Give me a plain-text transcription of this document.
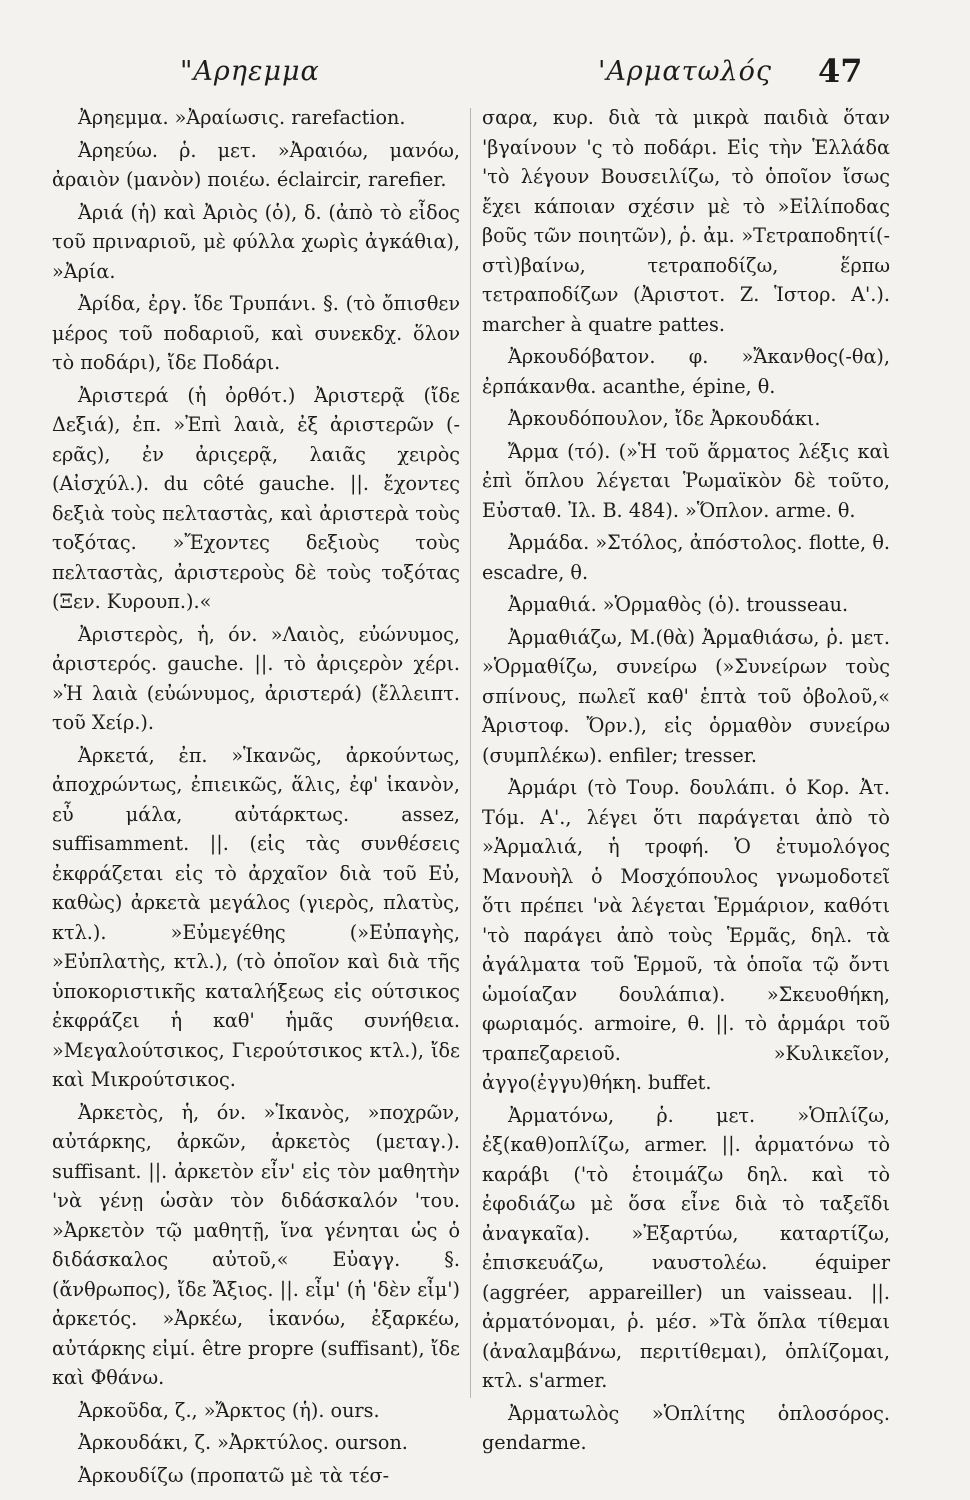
"Αρηεμμα	'Αρματωλός 47

Ἀρηεμμα. »Ἀραίωσις. rarefaction.

Ἀρηεύω. ῥ. μετ. »Ἀραιόω, μανόω, ἀραιὸν (μανὸν) ποιέω. éclaircir, rarefier.

Ἀριά (ἡ) καὶ Ἀριὸς (ὁ), δ. (ἀπὸ τὸ εἶδος τοῦ πριναριοῦ, μὲ φύλλα χωρὶς ἀγκάθια), »Ἀρία.

Ἀρίδα, ἐργ. ἴδε Τρυπάνι. §. (τὸ ὄπισθεν μέρος τοῦ ποδαριοῦ, καὶ συνεκδχ. ὅλον τὸ ποδάρι), ἴδε Ποδάρι.

Ἀριστερά (ἡ ὀρθότ.) Ἀριστερᾷ (ἴδε Δεξιά), ἐπ. »Ἐπὶ λαιὰ, ἐξ ἀριστερῶν (-ερᾶς), ἐν ἀριςερᾷ, λαιᾶς χειρὸς (Αἰσχύλ.). du côté gauche. ||. ἔχοντες δεξιὰ τοὺς πελταστὰς, καὶ ἀριστερὰ τοὺς τοξότας. »Ἔχοντες δεξιοὺς τοὺς πελταστὰς, ἀριστεροὺς δὲ τοὺς τοξότας (Ξεν. Κυρουπ.).«

Ἀριστερὸς, ἡ, όν. »Λαιὸς, εὐώνυμος, ἀριστερός. gauche. ||. τὸ ἀριςερὸν χέρι. »Ἡ λαιὰ (εὐώνυμος, ἀριστερά) (ἔλλειπτ. τοῦ Χείρ.).

Ἀρκετά, ἐπ. »Ἱκανῶς, ἀρκούντως, ἀποχρώντως, ἐπιεικῶς, ἅλις, ἐφ' ἱκανὸν, εὖ μάλα, αὐτάρκτως. assez, suffisamment. ||. (εἰς τὰς συνθέσεις ἐκφράζεται εἰς τὸ ἀρχαῖον διὰ τοῦ Εὐ, καθὼς) ἀρκετὰ μεγάλος (γιερὸς, πλατὺς, κτλ.). »Εὐμεγέθης (»Εὐπαγὴς, »Εὐπλατὴς, κτλ.), (τὸ ὁποῖον καὶ διὰ τῆς ὑποκοριστικῆς καταλήξεως εἰς ούτσικος ἐκφράζει ἡ καθ' ἡμᾶς συνήθεια. »Μεγαλούτσικος, Γιερούτσικος κτλ.), ἴδε καὶ Μικρούτσικος.

Ἀρκετὸς, ἡ, όν. »Ἱκανὸς, »ποχρῶν, αὐτάρκης, ἀρκῶν, ἀρκετὸς (μεταγ.). suffisant. ||. ἀρκετὸν εἶν' εἰς τὸν μαθητὴν 'νὰ γένῃ ὡσὰν τὸν διδάσκαλόν 'του. »Ἀρκετὸν τῷ μαθητῇ, ἵνα γένηται ὡς ὁ διδάσκαλος αὐτοῦ,« Εὐαγγ. §. (ἄνθρωπος), ἴδε Ἄξιος. ||. εἶμ' (ἡ 'δὲν εἶμ') ἀρκετός. »Ἀρκέω, ἱκανόω, ἐξαρκέω, αὐτάρκης εἰμί. être propre (suffisant), ἴδε καὶ Φθάνω.

Ἀρκοῦδα, ζ., »Ἄρκτος (ἡ). ours.

Ἀρκουδάκι, ζ. »Ἀρκτύλος. ourson.

Ἀρκουδίζω (προπατῶ μὲ τὰ τέσ-

σαρα, κυρ. διὰ τὰ μικρὰ παιδιὰ ὅταν 'βγαίνουν 'ς τὸ ποδάρι. Εἰς τὴν Ἑλλάδα 'τὸ λέγουν Βουσειλίζω, τὸ ὁποῖον ἴσως ἔχει κάποιαν σχέσιν μὲ τὸ »Εἰλίποδας βοῦς τῶν ποιητῶν), ῥ. ἀμ. »Τετραποδητί(-στὶ)βαίνω, τετραποδίζω, ἕρπω τετραποδίζων (Ἀριστοτ. Ζ. Ἱστορ. Α'.). marcher à quatre pattes.

Ἀρκουδόβατον. φ. »Ἄκανθος(-θα), ἐρπάκανθα. acanthe, épine, θ.

Ἀρκουδόπουλον, ἴδε Ἀρκουδάκι.

Ἄρμα (τό). (»Ἡ τοῦ ἅρματος λέξις καὶ ἐπὶ ὅπλου λέγεται Ῥωμαϊκὸν δὲ τοῦτο, Εὐσταθ. Ἰλ. Β. 484). »Ὅπλον. arme. θ.

Ἀρμάδα. »Στόλος, ἀπόστολος. flotte, θ. escadre, θ.

Ἀρμαθιά. »Ὁρμαθὸς (ὁ). trousseau.

Ἀρμαθιάζω, Μ.(θὰ) Ἀρμαθιάσω, ῥ. μετ. »Ὁρμαθίζω, συνείρω (»Συνείρων τοὺς σπίνους, πωλεῖ καθ' ἑπτὰ τοῦ ὀβολοῦ,« Ἀριστοφ. Ὄρν.), εἰς ὁρμαθὸν συνείρω (συμπλέκω). enfiler; tresser.

Ἀρμάρι (τὸ Τουρ. δουλάπι. ὁ Κορ. Ἀτ. Τόμ. Α'., λέγει ὅτι παράγεται ἀπὸ τὸ »Ἁρμαλιά, ἡ τροφή. Ὁ ἐτυμολόγος Μανουὴλ ὁ Μοσχόπουλος γνωμοδοτεῖ ὅτι πρέπει 'νὰ λέγεται Ἑρμάριον, καθότι 'τὸ παράγει ἀπὸ τοὺς Ἑρμᾶς, δηλ. τὰ ἀγάλματα τοῦ Ἑρμοῦ, τὰ ὁποῖα τῷ ὄντι ὡμοίαζαν δουλάπια). »Σκευοθήκη, φωριαμός. armoire, θ. ||. τὸ ἁρμάρι τοῦ τραπεζαρειοῦ. »Κυλικεῖον, ἀγγο(ἐγγυ)θήκη. buffet.

Ἀρματόνω, ῥ. μετ. »Ὁπλίζω, ἐξ(καθ)οπλίζω, armer. ||. ἀρματόνω τὸ καράβι ('τὸ ἑτοιμάζω δηλ. καὶ τὸ ἐφοδιάζω μὲ ὅσα εἶνε διὰ τὸ ταξεῖδι ἀναγκαῖα). »Ἐξαρτύω, καταρτίζω, ἐπισκευάζω, ναυστολέω. équiper (aggréer, appareiller) un vaisseau. ||. ἀρματόνομαι, ῥ. μέσ. »Τὰ ὅπλα τίθεμαι (ἀναλαμβάνω, περιτίθεμαι), ὁπλίζομαι, κτλ. s'armer.

Ἀρματωλὸς »Ὁπλίτης ὁπλοσόρος. gendarme.
